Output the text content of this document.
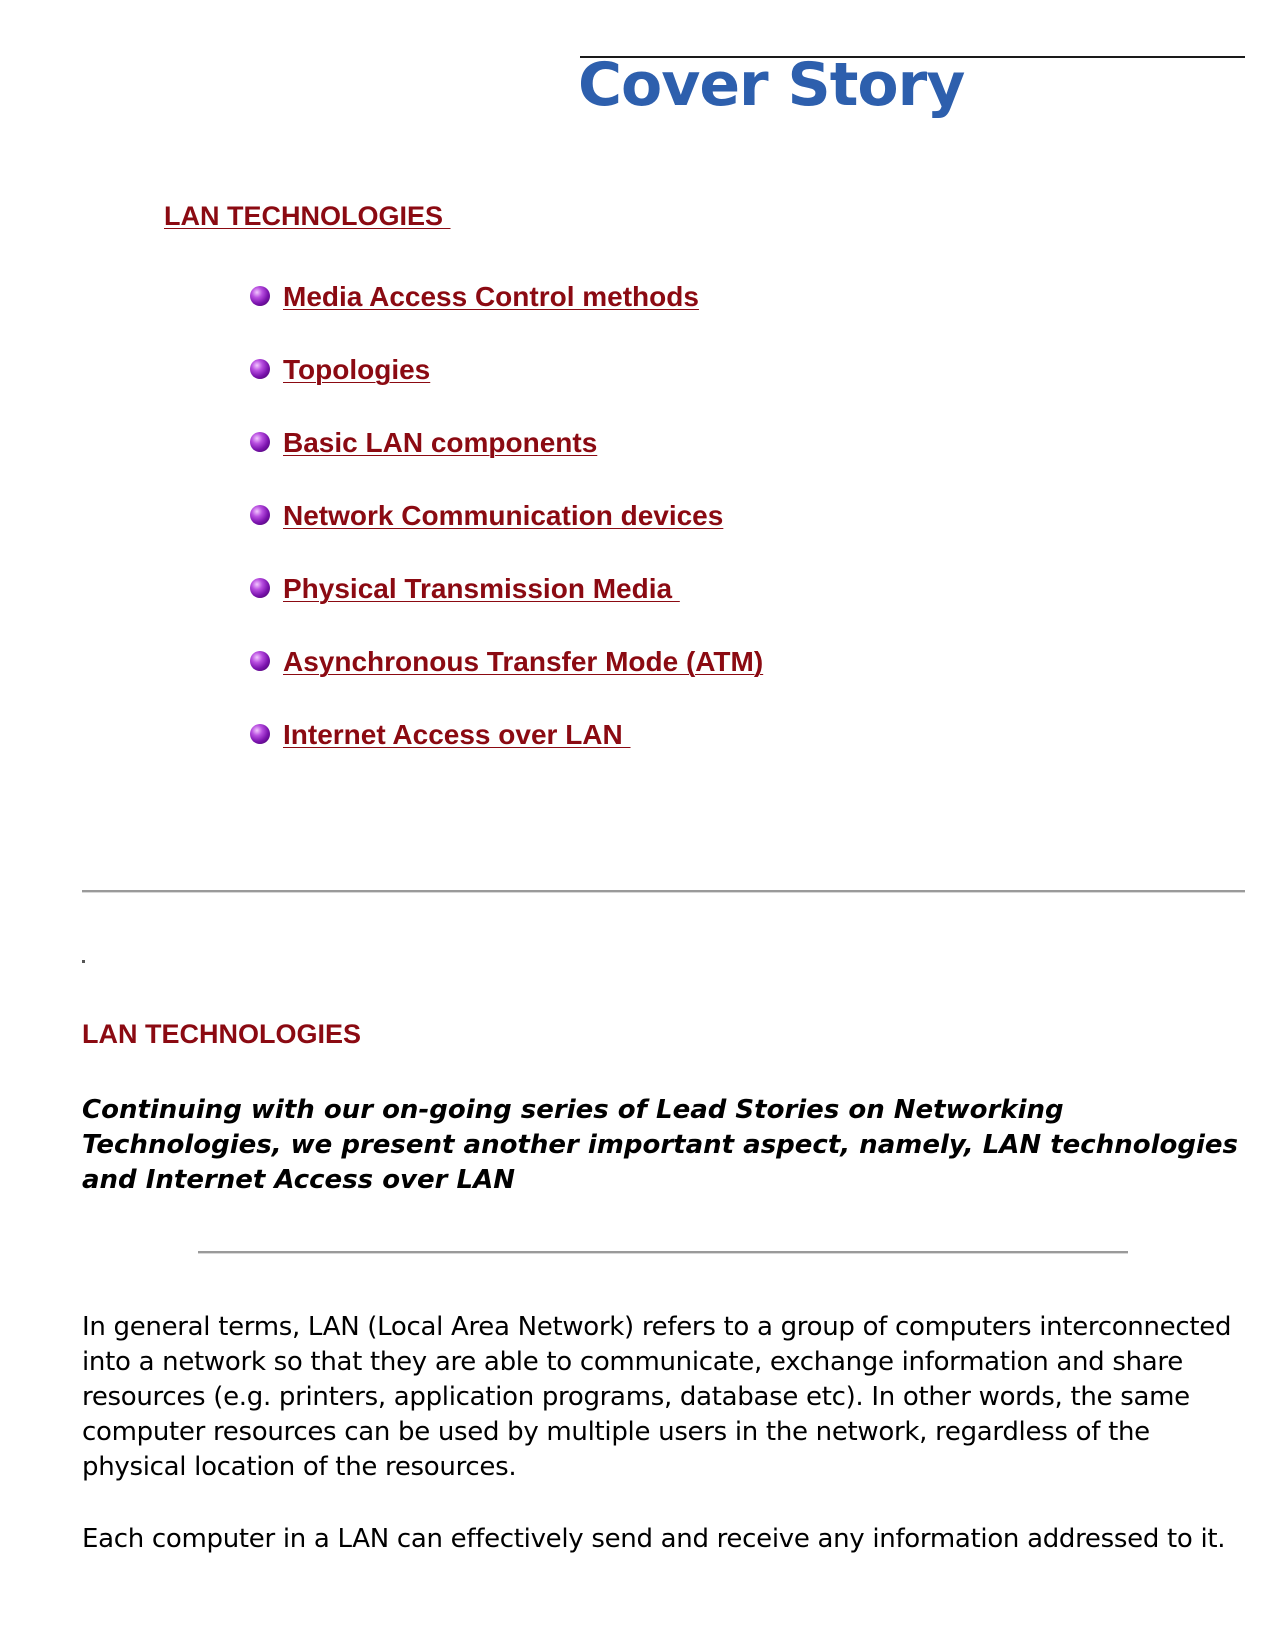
Cover Story
LAN TECHNOLOGIES
Media Access Control methods
Topologies
Basic LAN components
Network Communication devices
Physical Transmission Media
Asynchronous Transfer Mode (ATM)
Internet Access over LAN
LAN TECHNOLOGIES

Continuing with our on-going series of Lead Stories on Networking Technologies, we present another important aspect, namely, LAN technologies and Internet Access over LAN

In general terms, LAN (Local Area Network) refers to a group of computers interconnected into a network so that they are able to communicate, exchange information and share resources (e.g. printers, application programs, database etc). In other words, the same computer resources can be used by multiple users in the network, regardless of the physical location of the resources.

Each computer in a LAN can effectively send and receive any information addressed to it.
